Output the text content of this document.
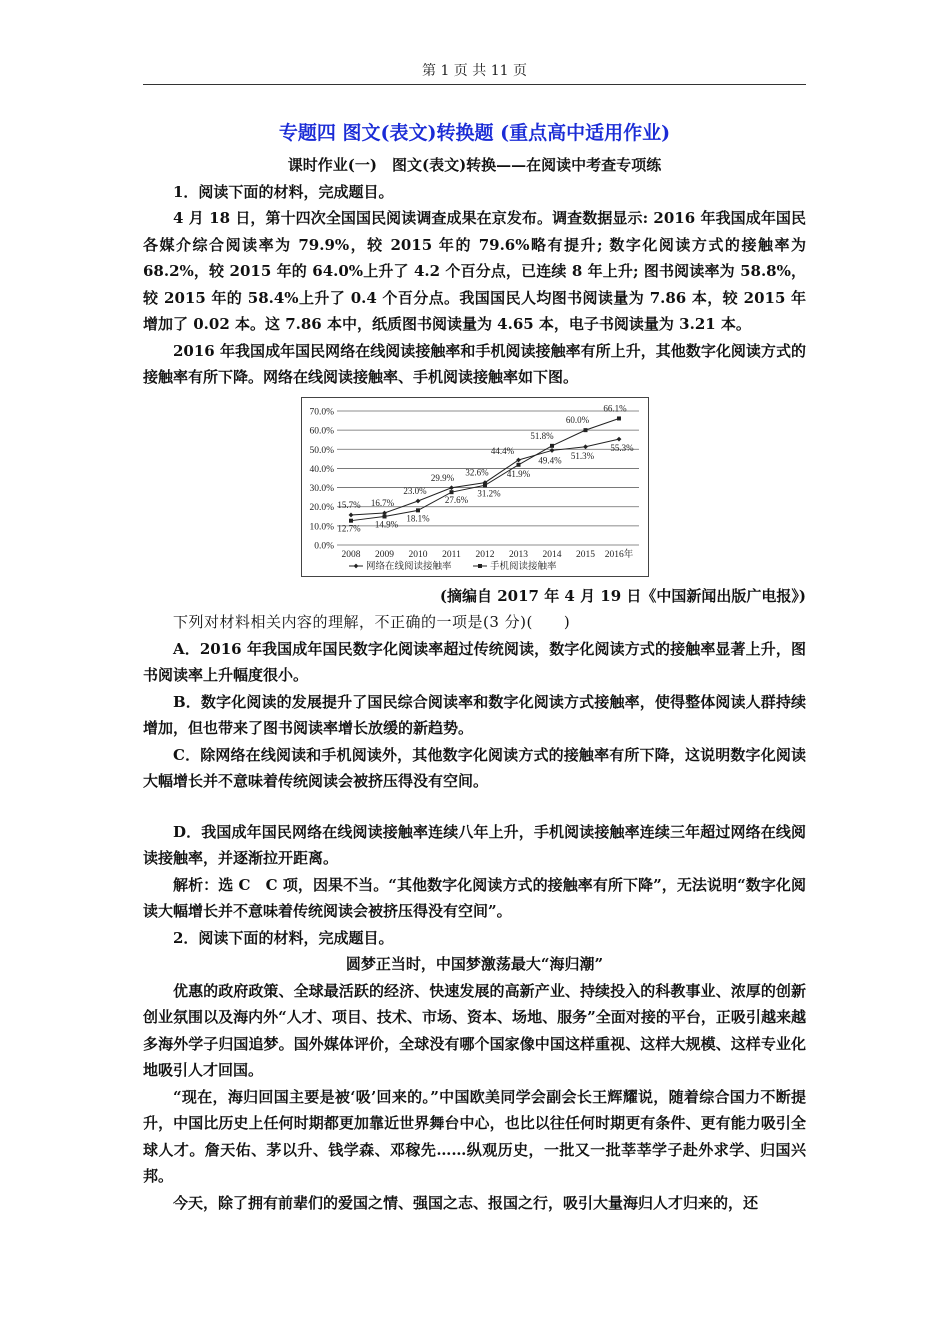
第 1 页 共 11 页
专题四 图文(表文)转换题 (重点高中适用作业)

课时作业(一)　图文(表文)转换——在阅读中考查专项练

1．阅读下面的材料，完成题目。

4 月 18 日，第十四次全国国民阅读调查成果在京发布。调查数据显示: 2016 年我国成年国民各媒介综合阅读率为 79.9%，较 2015 年的 79.6%略有提升; 数字化阅读方式的接触率为 68.2%，较 2015 年的 64.0%上升了 4.2 个百分点，已连续 8 年上升; 图书阅读率为 58.8%，较 2015 年的 58.4%上升了 0.4 个百分点。我国国民人均图书阅读量为 7.86 本，较 2015 年增加了 0.02 本。这 7.86 本中，纸质图书阅读量为 4.65 本，电子书阅读量为 3.21 本。

2016 年我国成年国民网络在线阅读接触率和手机阅读接触率有所上升，其他数字化阅读方式的接触率有所下降。网络在线阅读接触率、手机阅读接触率如下图。

0.0%
10.0%
20.0%
30.0%
40.0%
50.0%
60.0%
70.0%
2008 2009 2010 2011 2012 2013 2014 2015 2016年
15.7% 16.7%
23.0%
29.9%
32.6%
44.4%
49.4% 51.3%
55.3%
12.7% 14.9%
18.1%
27.6%
31.2%
41.9%
51.8%
60.0%
66.1%
网络在线阅读接触率	手机阅读接触率

(摘编自 2017 年 4 月 19 日《中国新闻出版广电报》)

下列对材料相关内容的理解，不正确的一项是(3 分)(　　)

A．2016 年我国成年国民数字化阅读率超过传统阅读，数字化阅读方式的接触率显著上升，图书阅读率上升幅度很小。

B．数字化阅读的发展提升了国民综合阅读率和数字化阅读方式接触率，使得整体阅读人群持续增加，但也带来了图书阅读率增长放缓的新趋势。

C．除网络在线阅读和手机阅读外，其他数字化阅读方式的接触率有所下降，这说明数字化阅读大幅增长并不意味着传统阅读会被挤压得没有空间。

D．我国成年国民网络在线阅读接触率连续八年上升，手机阅读接触率连续三年超过网络在线阅读接触率，并逐渐拉开距离。

解析：选 C　C 项，因果不当。“其他数字化阅读方式的接触率有所下降”，无法说明“数字化阅读大幅增长并不意味着传统阅读会被挤压得没有空间”。

2．阅读下面的材料，完成题目。

圆梦正当时，中国梦激荡最大“海归潮”

优惠的政府政策、全球最活跃的经济、快速发展的高新产业、持续投入的科教事业、浓厚的创新创业氛围以及海内外“人才、项目、技术、市场、资本、场地、服务”全面对接的平台，正吸引越来越多海外学子归国追梦。国外媒体评价，全球没有哪个国家像中国这样重视、这样大规模、这样专业化地吸引人才回国。

“现在，海归回国主要是被‘吸’回来的。”中国欧美同学会副会长王辉耀说，随着综合国力不断提升，中国比历史上任何时期都更加靠近世界舞台中心，也比以往任何时期更有条件、更有能力吸引全球人才。詹天佑、茅以升、钱学森、邓稼先……纵观历史，一批又一批莘莘学子赴外求学、归国兴邦。

今天，除了拥有前辈们的爱国之情、强国之志、报国之行，吸引大量海归人才归来的，还
